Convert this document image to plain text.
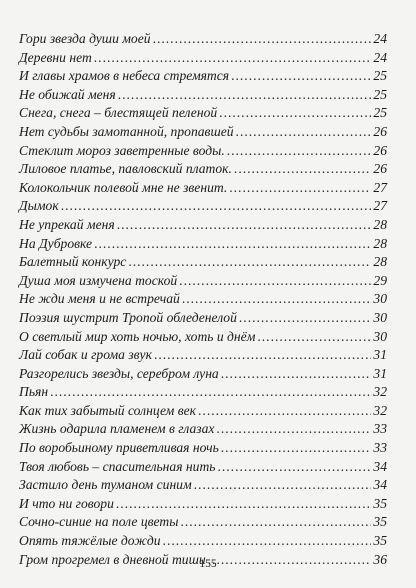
Гори звезда души моей .....	24
Деревни нет .....	24
И главы храмов в небеса стремятся .....	25
Не обижай меня .....	25
Снега, снега – блестящей пеленой .....	25
Нет судьбы замотанной, пропавшей .....	26
Стеклит мороз заветренные воды. .....	26
Лиловое платье, павловский платок. .....	26
Колокольчик полевой мне не звенит. .....	27
Дымок .....	27
Не упрекай меня .....	28
На Дубровке .....	28
Балетный конкурс .....	28
Душа моя измучена тоской .....	29
Не жди меня и не встречай .....	30
Поэзия шустрит Тропой обледенелой .....	30
О светлый мир хоть ночью, хоть и днём .....	30
Лай собак и грома звук .....	31
Разгорелись звезды, серебром луна .....	31
Пьян .....	32
Как тих забытый солнцем век .....	32
Жизнь одарила пламенем в глазах .....	33
По воробьиному приветливая ночь .....	33
Твоя любовь – спасительная нить .....	34
Застило день туманом синим .....	34
И что ни говори .....	35
Сочно-синие на поле цветы .....	35
Опять тяжёлые дожди .....	35
Гром прогремел в дневной тиши .....	36
155
